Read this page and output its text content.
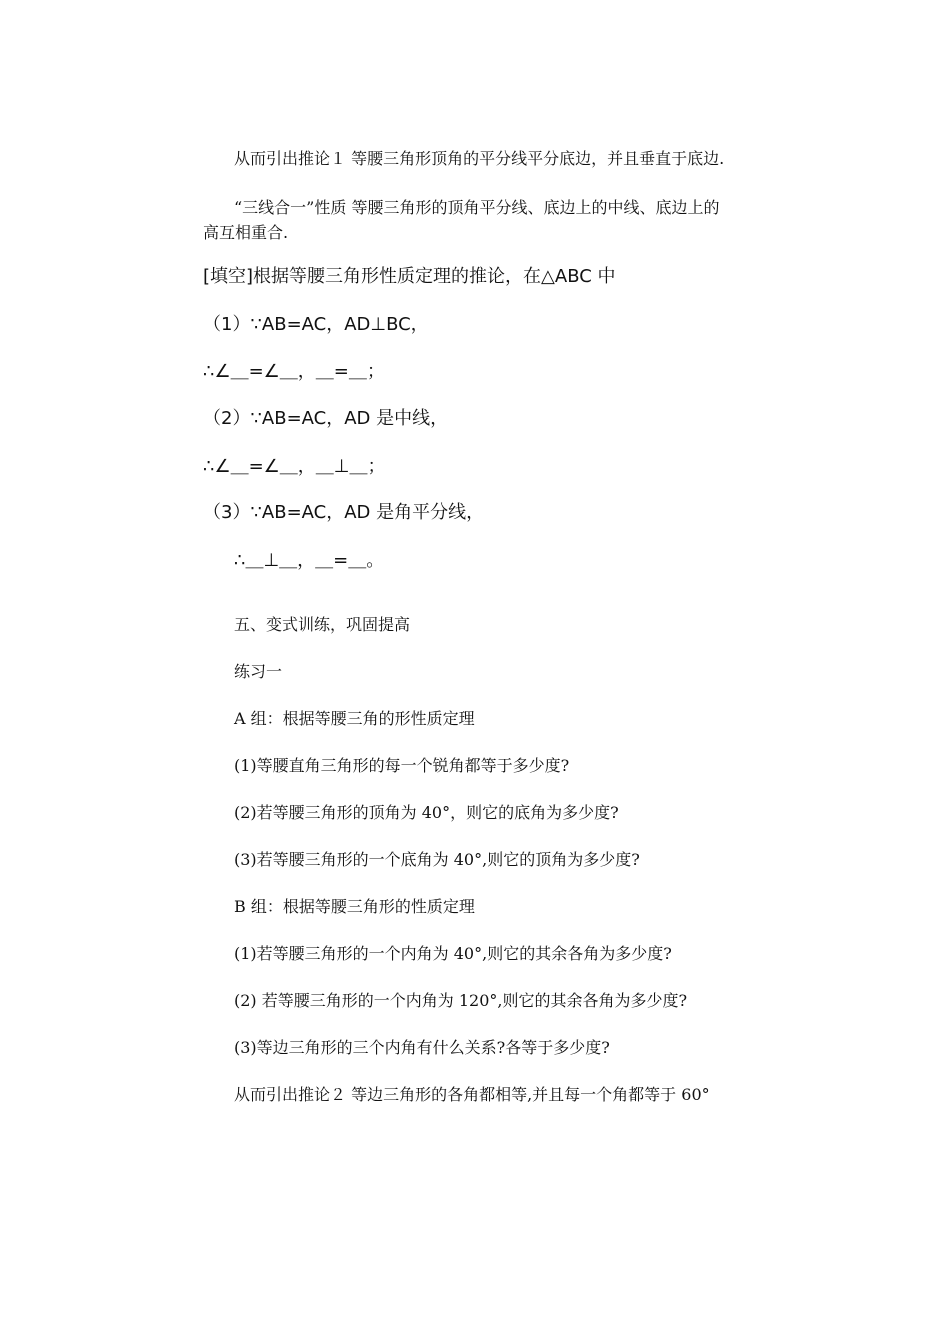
从而引出推论１ 等腰三角形顶角的平分线平分底边，并且垂直于底边.

“三线合一”性质 等腰三角形的顶角平分线、底边上的中线、底边上的

高互相重合.

[填空]根据等腰三角形性质定理的推论，在△ABC 中

（1）∵AB=AC，AD⊥BC，

∴∠＿=∠＿，＿=＿；

（2）∵AB=AC，AD 是中线，

∴∠＿=∠＿，＿⊥＿；

（3）∵AB=AC，AD 是角平分线，

∴＿⊥＿，＿=＿。

五、变式训练，巩固提高

练习一

A 组：根据等腰三角的形性质定理

(1)等腰直角三角形的每一个锐角都等于多少度?

(2)若等腰三角形的顶角为 40°，则它的底角为多少度?

(3)若等腰三角形的一个底角为 40°,则它的顶角为多少度?

B 组：根据等腰三角形的性质定理

(1)若等腰三角形的一个内角为 40°,则它的其余各角为多少度?

(2) 若等腰三角形的一个内角为 120°,则它的其余各角为多少度?

(3)等边三角形的三个内角有什么关系?各等于多少度?

从而引出推论２ 等边三角形的各角都相等,并且每一个角都等于 60°
